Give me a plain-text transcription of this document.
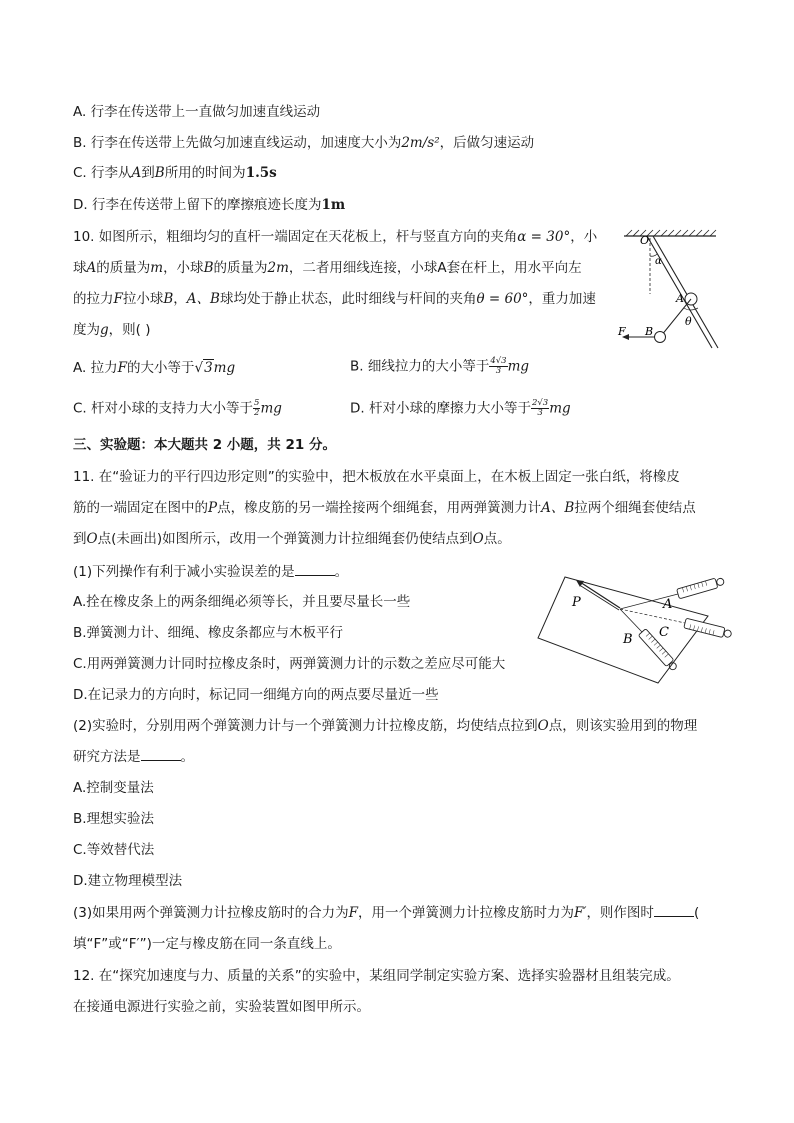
A. 行李在传送带上一直做匀加速直线运动
B. 行李在传送带上先做匀加速直线运动，加速度大小为2m/s²，后做匀速运动
C. 行李从A到B所用的时间为1.5s
D. 行李在传送带上留下的摩擦痕迹长度为1m
10. 如图所示，粗细均匀的直杆一端固定在天花板上，杆与竖直方向的夹角α = 30°，小
球A的质量为m，小球B的质量为2m，二者用细线连接，小球A套在杆上，用水平向左
的拉力F拉小球B，A、B球均处于静止状态，此时细线与杆间的夹角θ = 60°，重力加速
度为g，则( )
O
α
A
θ
B
F
A. 拉力F的大小等于√3mg	B. 细线拉力的大小等于 $\frac{4√3}{3}$ mg
C. 杆对小球的支持力大小等于 $\frac{5}{2}$ mg	D. 杆对小球的摩擦力大小等于 $\frac{2√3}{3}$ mg
三、实验题：本大题共 2 小题，共 21 分。
11. 在“验证力的平行四边形定则”的实验中，把木板放在水平桌面上，在木板上固定一张白纸，将橡皮
筋的一端固定在图中的P点，橡皮筋的另一端拴接两个细绳套，用两弹簧测力计A、B拉两个细绳套使结点
到O点(未画出)如图所示，改用一个弹簧测力计拉细绳套仍使结点到O点。
(1)下列操作有利于减小实验误差的是	。
A.拴在橡皮条上的两条细绳必须等长，并且要尽量长一些
B.弹簧测力计、细绳、橡皮条都应与木板平行
C.用两弹簧测力计同时拉橡皮条时，两弹簧测力计的示数之差应尽可能大
D.在记录力的方向时，标记同一细绳方向的两点要尽量近一些
P	A
B C
(2)实验时，分别用两个弹簧测力计与一个弹簧测力计拉橡皮筋，均使结点拉到O点，则该实验用到的物理
研究方法是	。
A.控制变量法
B.理想实验法
C.等效替代法
D.建立物理模型法
(3)如果用两个弹簧测力计拉橡皮筋时的合力为F，用一个弹簧测力计拉橡皮筋时力为F′，则作图时	(
填“F”或“F′”)一定与橡皮筋在同一条直线上。
12. 在“探究加速度与力、质量的关系”的实验中，某组同学制定实验方案、选择实验器材且组装完成。
在接通电源进行实验之前，实验装置如图甲所示。
